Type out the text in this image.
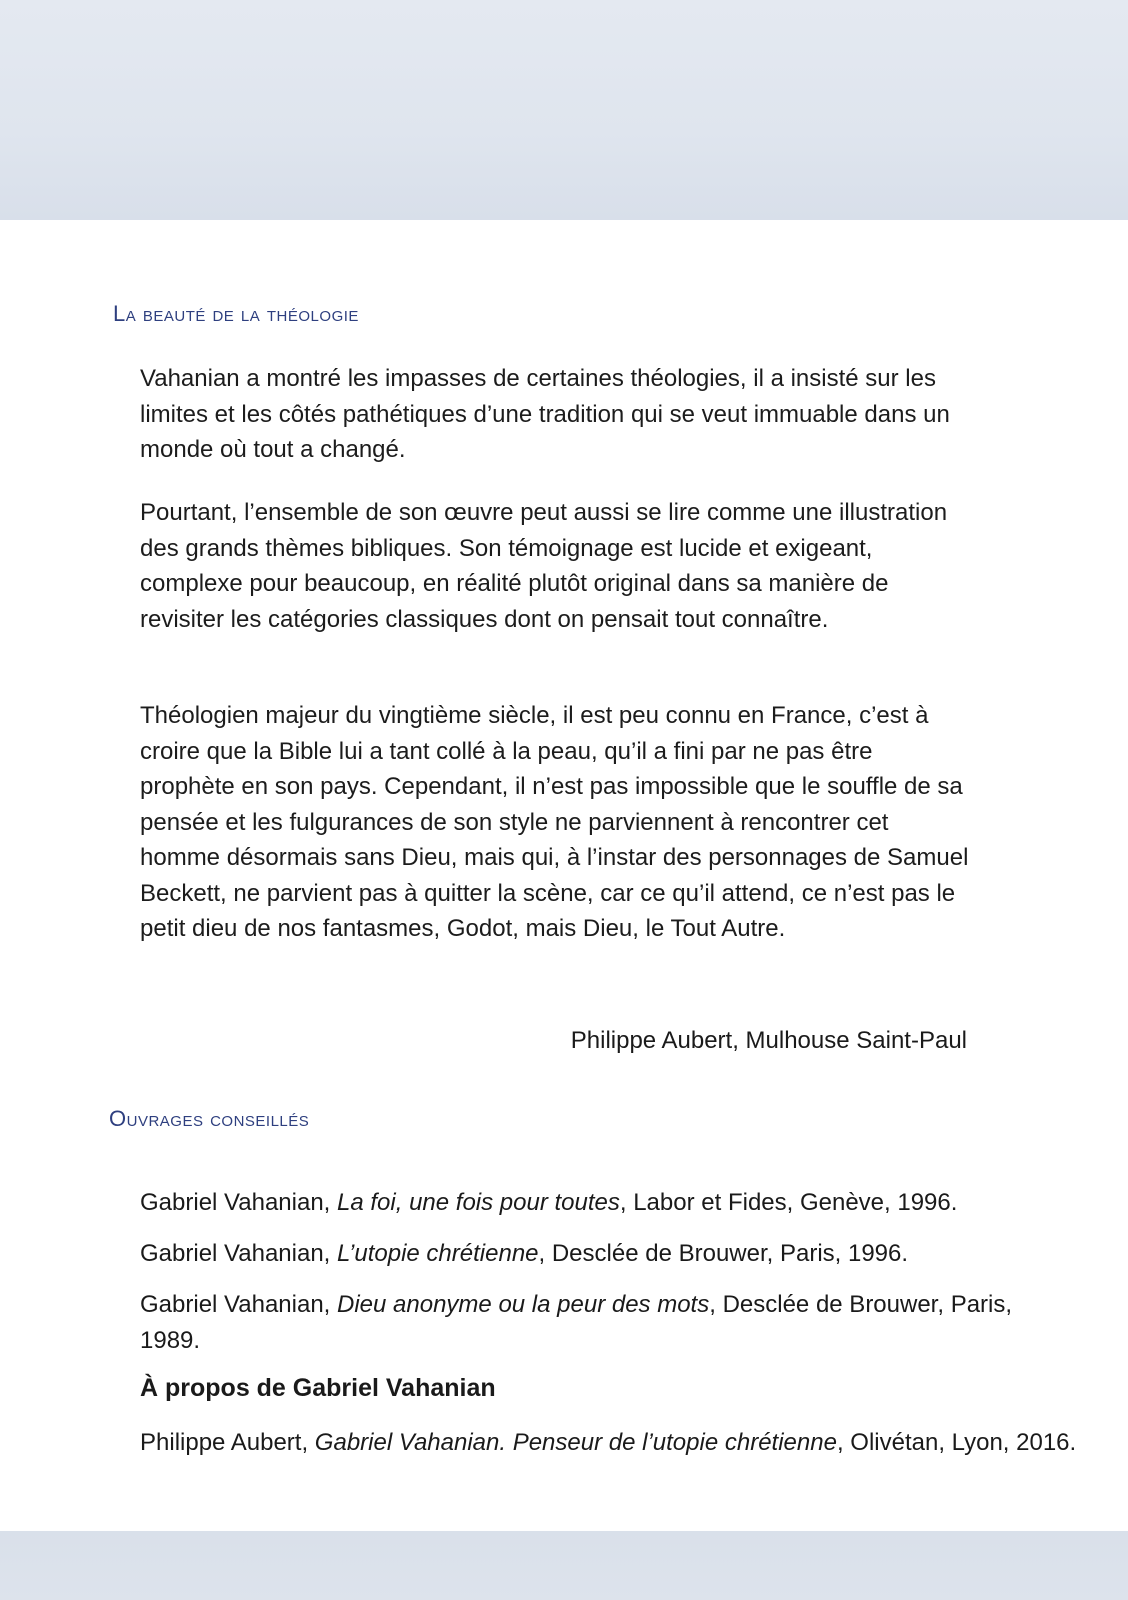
La beauté de la théologie

Vahanian a montré les impasses de certaines théologies, il a insisté sur les limites et les côtés pathétiques d’une tradition qui se veut immuable dans un monde où tout a changé.

Pourtant, l’ensemble de son œuvre peut aussi se lire comme une illustration des grands thèmes bibliques. Son témoignage est lucide et exigeant, complexe pour beaucoup, en réalité plutôt original dans sa manière de revisiter les catégories classiques dont on pensait tout connaître.

Théologien majeur du vingtième siècle, il est peu connu en France, c’est à croire que la Bible lui a tant collé à la peau, qu’il a fini par ne pas être prophète en son pays. Cependant, il n’est pas impossible que le souffle de sa pensée et les fulgurances de son style ne parviennent à rencontrer cet homme désormais sans Dieu, mais qui, à l’instar des personnages de Samuel Beckett, ne parvient pas à quitter la scène, car ce qu’il attend, ce n’est pas le petit dieu de nos fantasmes, Godot, mais Dieu, le Tout Autre.

Philippe Aubert, Mulhouse Saint-Paul
Ouvrages conseillés

Gabriel Vahanian, La foi, une fois pour toutes, Labor et Fides, Genève, 1996.

Gabriel Vahanian, L’utopie chrétienne, Desclée de Brouwer, Paris, 1996.

Gabriel Vahanian, Dieu anonyme ou la peur des mots, Desclée de Brouwer, Paris, 1989.

À propos de Gabriel Vahanian

Philippe Aubert, Gabriel Vahanian. Penseur de l’utopie chrétienne, Olivétan, Lyon, 2016.
